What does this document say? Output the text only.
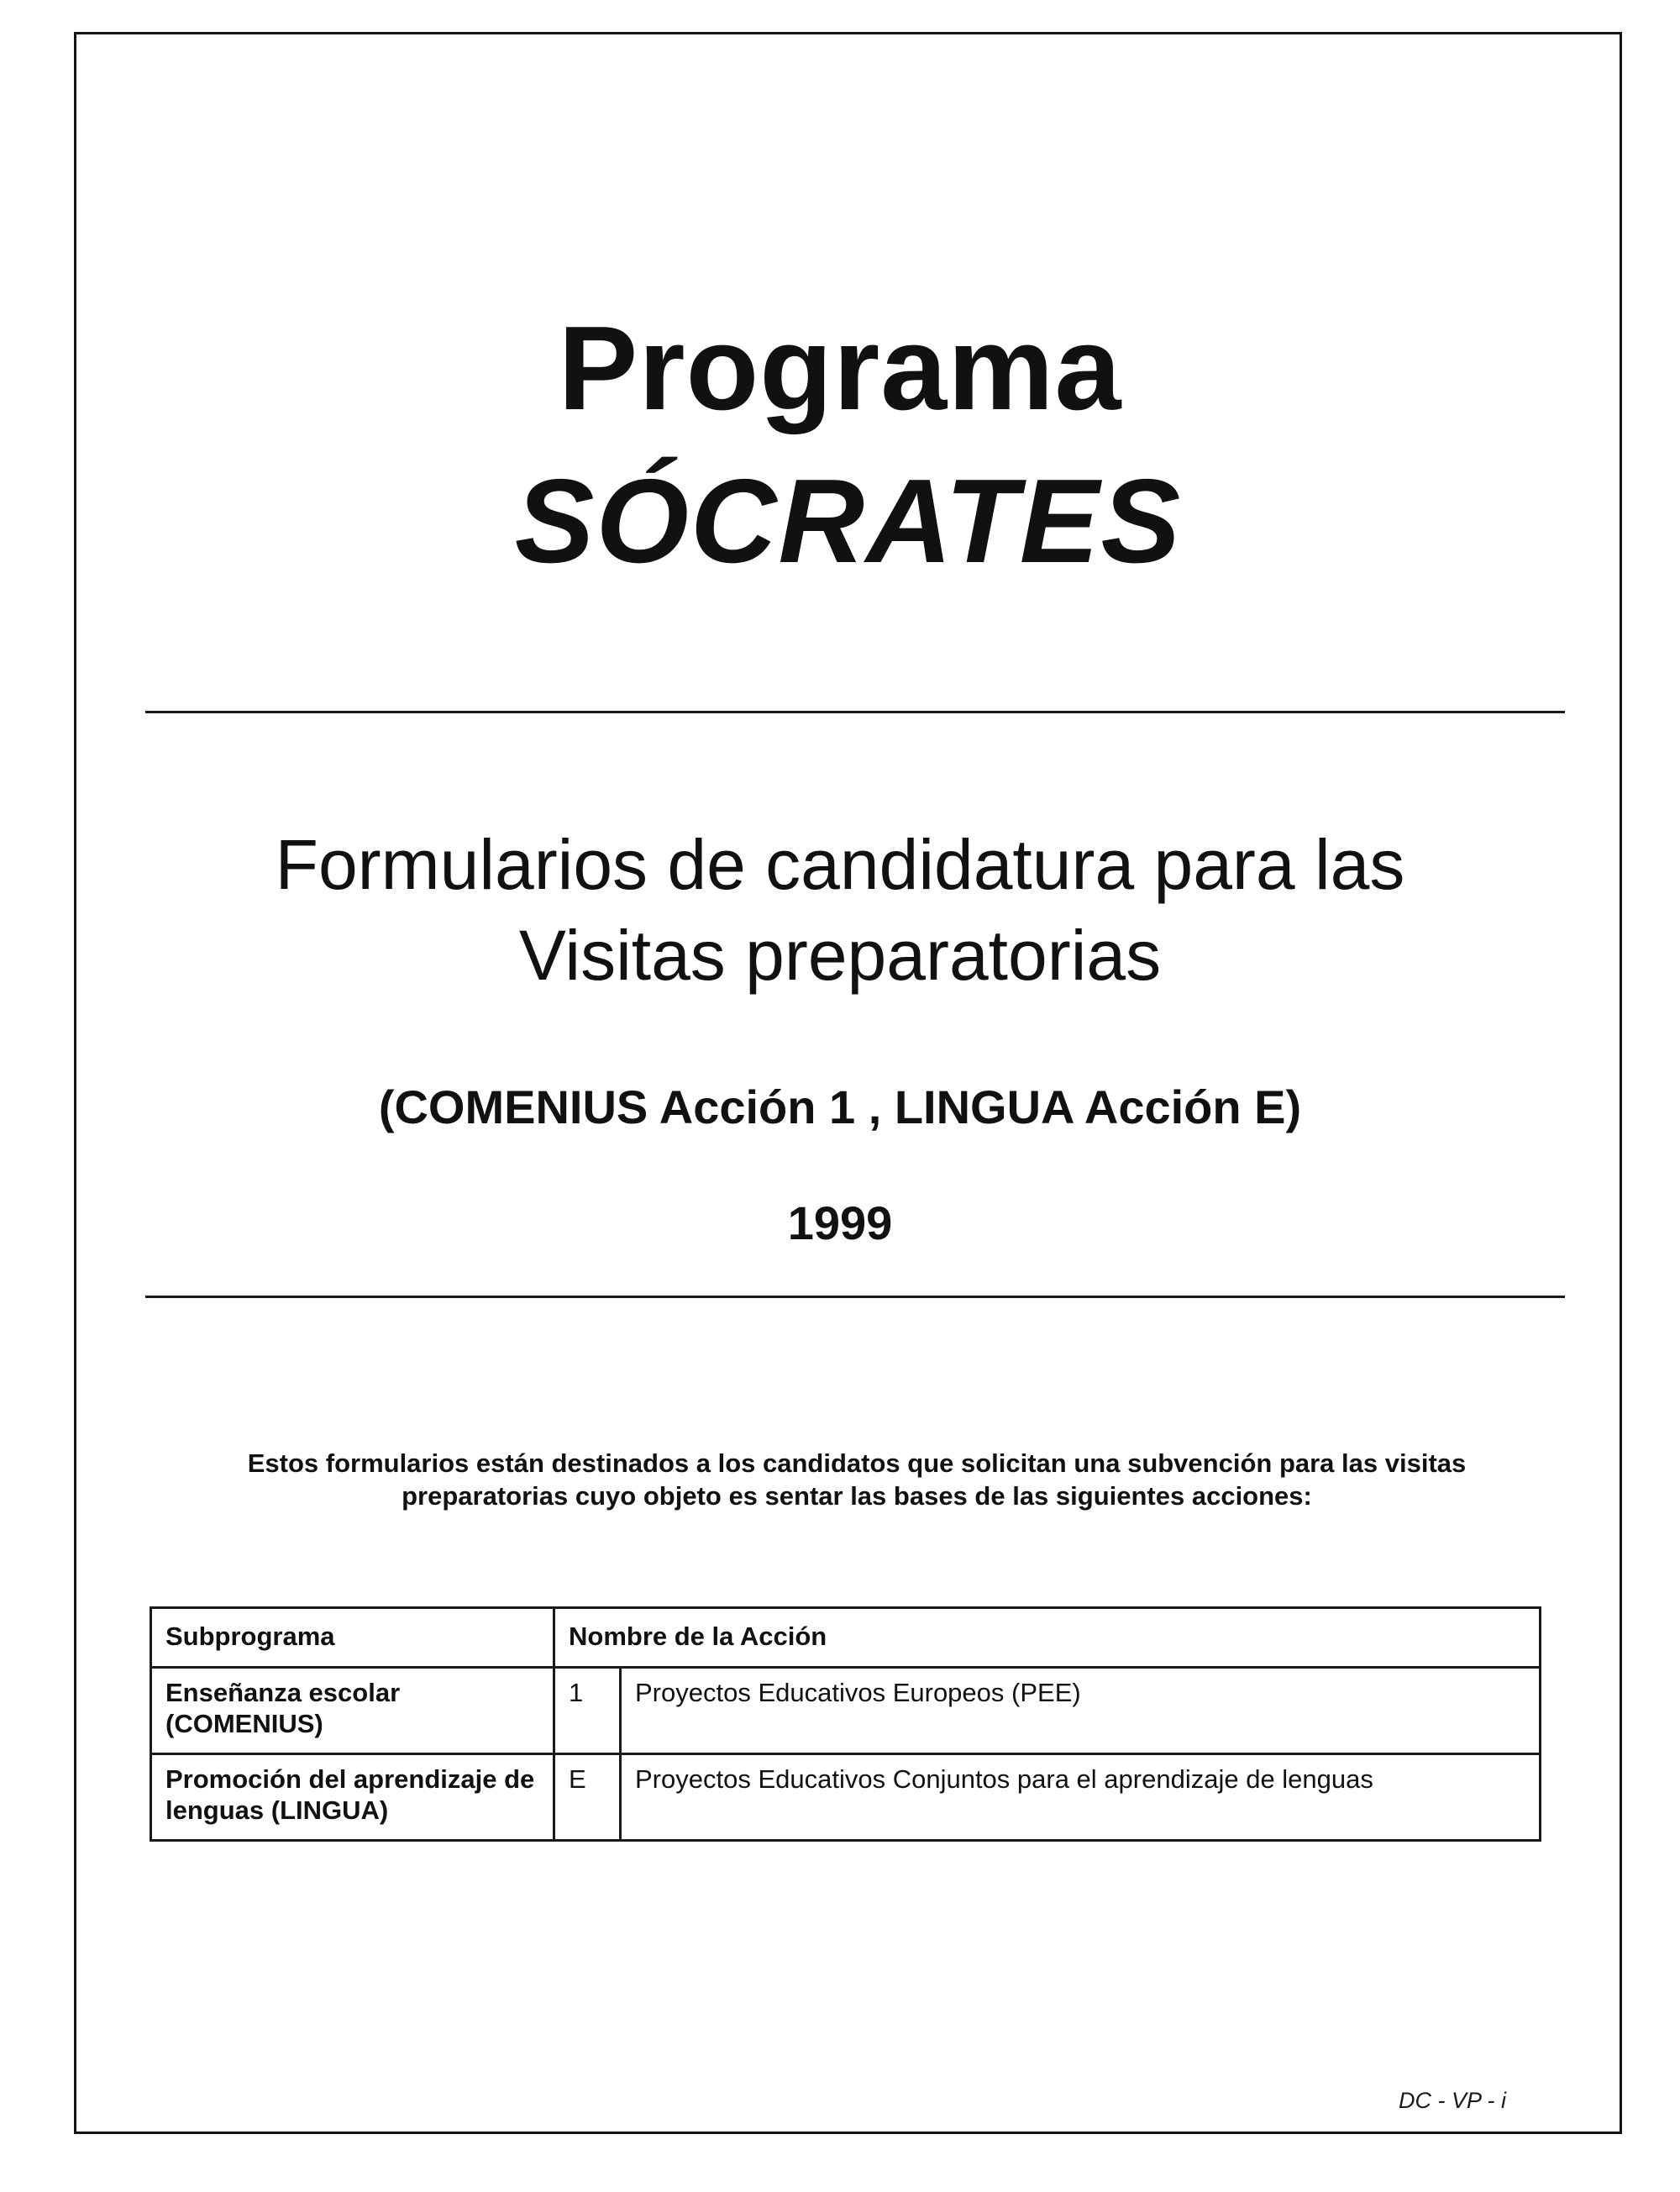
Programa
SÓCRATES
Formularios de candidatura para las
Visitas preparatorias
(COMENIUS Acción 1 , LINGUA Acción E)
1999
Estos formularios están destinados a los candidatos que solicitan una subvención para las visitas preparatorias cuyo objeto es sentar las bases de las siguientes acciones:
Subprograma	Nombre de la Acción	
Enseñanza escolar (COMENIUS)	1	Proyectos Educativos Europeos (PEE)
Promoción del aprendizaje de lenguas (LINGUA)	E	Proyectos Educativos Conjuntos para el aprendizaje de lenguas
DC - VP - i
